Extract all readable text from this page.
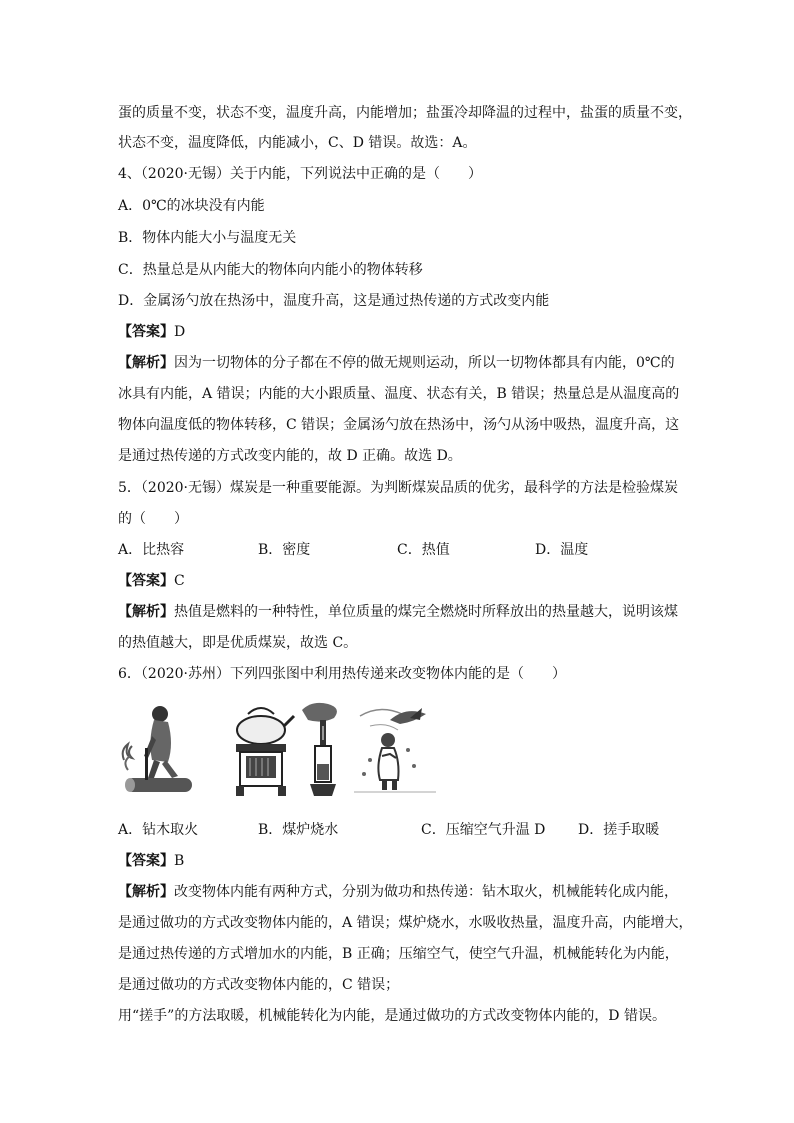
蛋的质量不变，状态不变，温度升高，内能增加；盐蛋冷却降温的过程中，盐蛋的质量不变，
状态不变，温度降低，内能减小，C、D 错误。故选：A。
4、（2020·无锡）关于内能，下列说法中正确的是（　　）
A．0℃的冰块没有内能
B．物体内能大小与温度无关
C．热量总是从内能大的物体向内能小的物体转移
D．金属汤勺放在热汤中，温度升高，这是通过热传递的方式改变内能
【答案】D
【解析】因为一切物体的分子都在不停的做无规则运动，所以一切物体都具有内能，0℃的
冰具有内能，A 错误；内能的大小跟质量、温度、状态有关，B 错误；热量总是从温度高的
物体向温度低的物体转移，C 错误；金属汤勺放在热汤中，汤勺从汤中吸热，温度升高，这
是通过热传递的方式改变内能的，故 D 正确。故选 D。
5．（2020·无锡）煤炭是一种重要能源。为判断煤炭品质的优劣，最科学的方法是检验煤炭
的（　　）
A．比热容	B．密度	C．热值	D．温度
【答案】C
【解析】热值是燃料的一种特性，单位质量的煤完全燃烧时所释放出的热量越大，说明该煤
的热值越大，即是优质煤炭，故选 C。
6．（2020·苏州）下列四张图中利用热传递来改变物体内能的是（　　）
A．钻木取火	B．煤炉烧水	C．压缩空气升温 D D．搓手取暖
【答案】B
【解析】改变物体内能有两种方式，分别为做功和热传递：钻木取火，机械能转化成内能，
是通过做功的方式改变物体内能的，A 错误；煤炉烧水，水吸收热量，温度升高，内能增大，
是通过热传递的方式增加水的内能，B 正确；压缩空气，使空气升温，机械能转化为内能，
是通过做功的方式改变物体内能的，C 错误；
用“搓手”的方法取暖，机械能转化为内能，是通过做功的方式改变物体内能的，D 错误。
